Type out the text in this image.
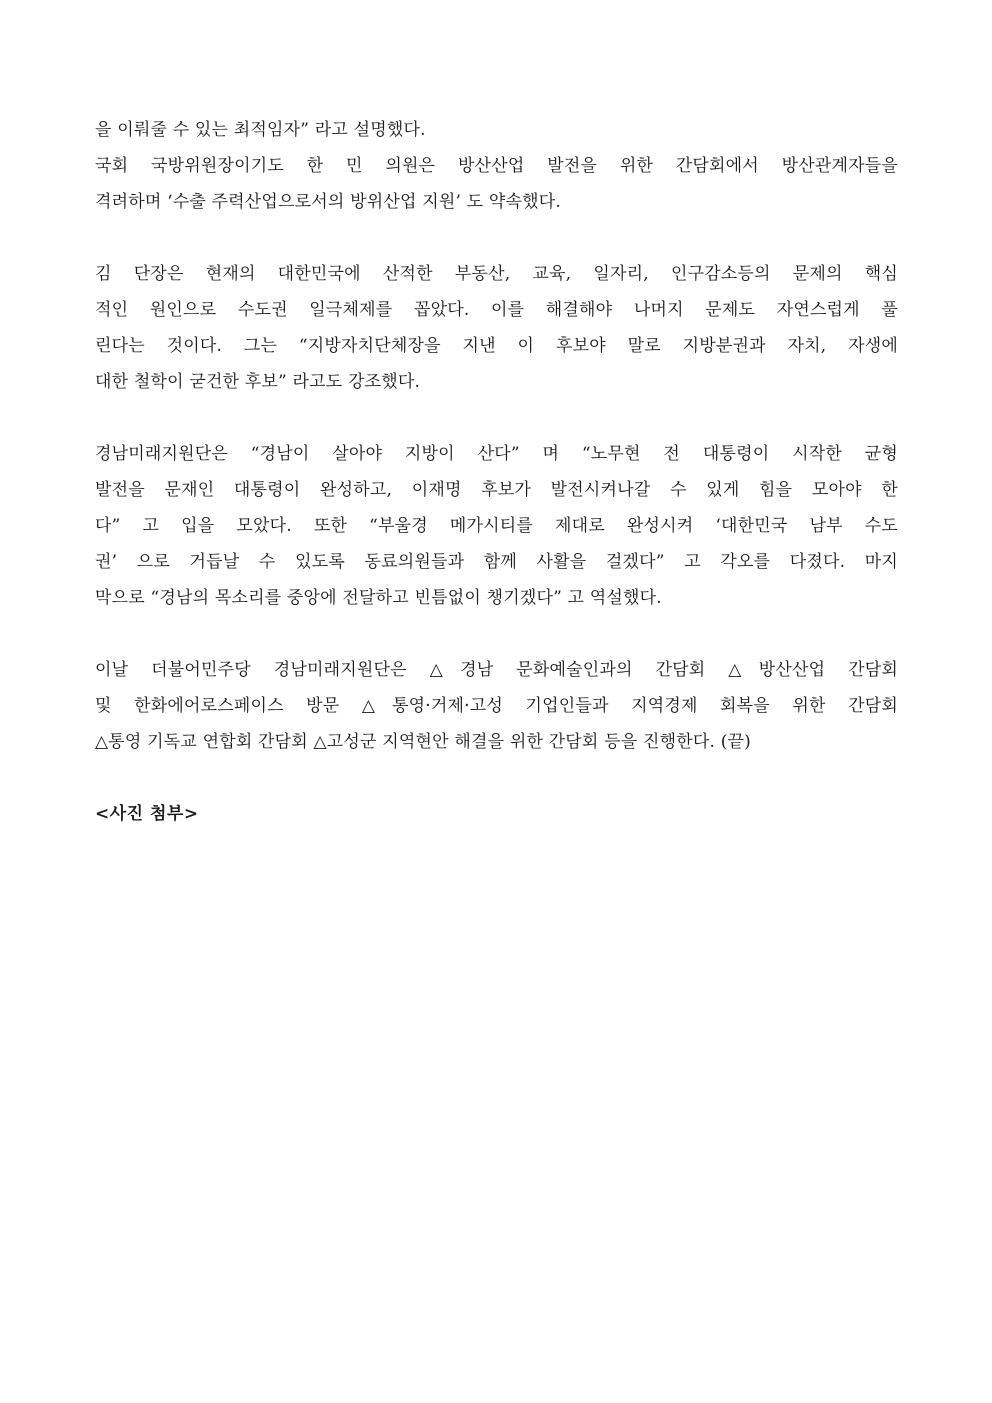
을 이뤄줄 수 있는 최적임자” 라고 설명했다.
국회 국방위원장이기도 한 민 의원은 방산산업 발전을 위한 간담회에서 방산관계자들을
격려하며 ‘수출 주력산업으로서의 방위산업 지원’ 도 약속했다.
김 단장은 현재의 대한민국에 산적한 부동산, 교육, 일자리, 인구감소등의 문제의 핵심
적인 원인으로 수도권 일극체제를 꼽았다. 이를 해결해야 나머지 문제도 자연스럽게 풀
린다는 것이다. 그는 “지방자치단체장을 지낸 이 후보야 말로 지방분권과 자치, 자생에
대한 철학이 굳건한 후보” 라고도 강조했다.
경남미래지원단은 “경남이 살아야 지방이 산다” 며 “노무현 전 대통령이 시작한 균형
발전을 문재인 대통령이 완성하고, 이재명 후보가 발전시켜나갈 수 있게 힘을 모아야 한
다” 고 입을 모았다. 또한 “부울경 메가시티를 제대로 완성시켜 ‘대한민국 남부 수도
권’ 으로 거듭날 수 있도록 동료의원들과 함께 사활을 걸겠다” 고 각오를 다졌다. 마지
막으로 “경남의 목소리를 중앙에 전달하고 빈틈없이 챙기겠다” 고 역설했다.
이날 더불어민주당 경남미래지원단은 △경남 문화예술인과의 간담회 △방산산업 간담회
및 한화에어로스페이스 방문 △통영·거제·고성 기업인들과 지역경제 회복을 위한 간담회
△통영 기독교 연합회 간담회 △고성군 지역현안 해결을 위한 간담회 등을 진행한다. (끝)
<사진 첨부>
